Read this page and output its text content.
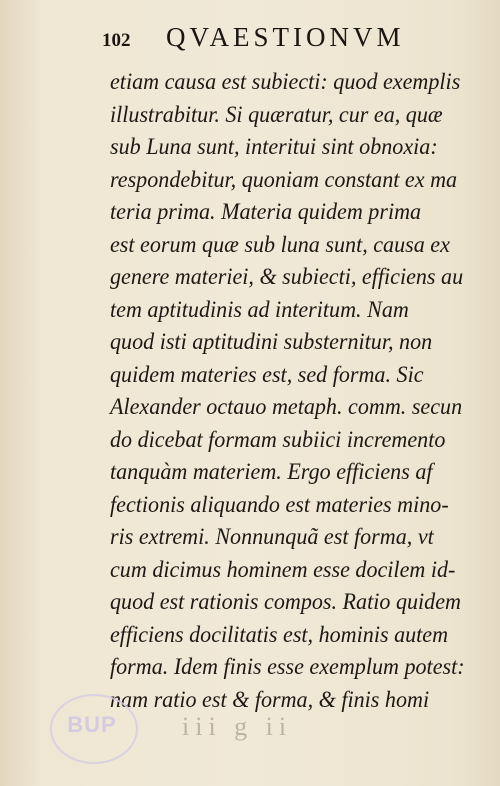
102 QVAESTIONVM
etiam causa est subiecti: quod exemplis
illustrabitur. Si quæratur, cur ea, quæ
sub Luna sunt, interitui sint obnoxia:
respondebitur, quoniam constant ex ma
teria prima. Materia quidem prima
est eorum quæ sub luna sunt, causa ex
genere materiei, & subiecti, efficiens au
tem aptitudinis ad interitum. Nam
quod isti aptitudini substernitur, non
quidem materies est, sed forma. Sic
Alexander octauo metaph. comm. secun
do dicebat formam subiici incremento
tanquàm materiem. Ergo efficiens af
fectionis aliquando est materies mino-
ris extremi. Nonnunquã est forma, vt
cum dicimus hominem esse docilem id-
quod est rationis compos. Ratio quidem
efficiens docilitatis est, hominis autem
forma. Idem finis esse exemplum potest:
nam ratio est & forma, & finis homi
BUP	iii g ii
